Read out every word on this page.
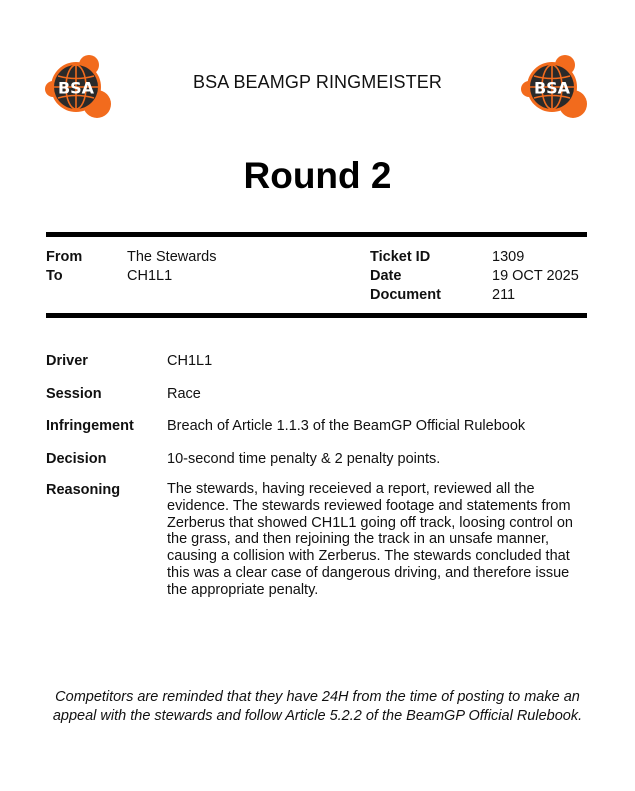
BSA	BSA BEAMGP RINGMEISTER	BSA
Round 2
From	The Stewards
To	CH1L1
Ticket ID	1309
Date	19 OCT 2025
Document	211
Driver	CH1L1
Session	Race
Infringement	Breach of Article 1.1.3 of the BeamGP Official Rulebook
Decision	10-second time penalty & 2 penalty points.
Reasoning	The stewards, having receieved a report, reviewed all the evidence. The stewards reviewed footage and statements from Zerberus that showed CH1L1 going off track, loosing control on the grass, and then rejoining the track in an unsafe manner, causing a collision with Zerberus. The stewards concluded that this was a clear case of dangerous driving, and therefore issue the appropriate penalty.
Competitors are reminded that they have 24H from the time of posting to make an appeal with the stewards and follow Article 5.2.2 of the BeamGP Official Rulebook.
